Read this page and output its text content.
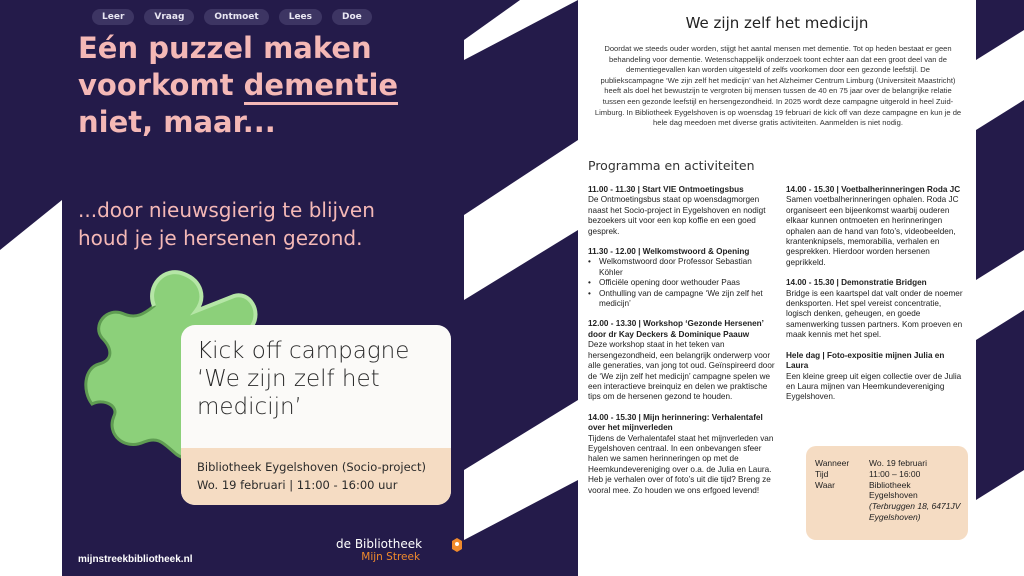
Leer	Vraag	Ontmoet	Lees	Doe
Eén puzzel maken voorkomt dementie niet, maar...
...door nieuwsgierig te blijven houd je je hersenen gezond.
Kick off campagne ‘We zijn zelf het medicijn’
Bibliotheek Eygelshoven (Socio-project)
Wo. 19 februari | 11:00 - 16:00 uur
mijnstreekbibliotheek.nl
de Bibliotheek
Mijn Streek
We zijn zelf het medicijn
Doordat we steeds ouder worden, stijgt het aantal mensen met dementie. Tot op heden bestaat er geen behandeling voor dementie. Wetenschappelijk onderzoek toont echter aan dat een groot deel van de dementiegevallen kan worden uitgesteld of zelfs voorkomen door een gezonde leefstijl. De publiekscampagne ‘We zijn zelf het medicijn’ van het Alzheimer Centrum Limburg (Universiteit Maastricht) heeft als doel het bewustzijn te vergroten bij mensen tussen de 40 en 75 jaar over de belangrijke relatie tussen een gezonde leefstijl en hersengezondheid. In 2025 wordt deze campagne uitgerold in heel Zuid-Limburg. In Bibliotheek Eygelshoven is op woensdag 19 februari de kick off van deze campagne en kun je de hele dag meedoen met diverse gratis activiteiten. Aanmelden is niet nodig.
Programma en activiteiten
11.00 - 11.30 | Start VIE Ontmoetingsbus
De Ontmoetingsbus staat op woensdagmorgen naast het Socio-project in Eygelshoven en nodigt bezoekers uit voor een kop koffie en een goed gesprek.
11.30 - 12.00 | Welkomstwoord & Opening
• Welkomstwoord door Professor Sebastian Köhler
• Officiële opening door wethouder Paas
• Onthulling van de campagne ‘We zijn zelf het medicijn’
12.00 - 13.30 | Workshop ‘Gezonde Hersenen’ door dr Kay Deckers & Dominique Paauw
Deze workshop staat in het teken van hersengezondheid, een belangrijk onderwerp voor alle generaties, van jong tot oud. Geïnspireerd door de ‘We zijn zelf het medicijn’ campagne spelen we een interactieve breinquiz en delen we praktische tips om de hersenen gezond te houden.
14.00 - 15.30 | Mijn herinnering: Verhalentafel over het mijnverleden
Tijdens de Verhalentafel staat het mijnverleden van Eygelshoven centraal. In een onbevangen sfeer halen we samen herinneringen op met de Heemkundevereniging over o.a. de Julia en Laura. Heb je verhalen over of foto’s uit die tijd? Breng ze vooral mee. Zo houden we ons erfgoed levend!
14.00 - 15.30 | Voetbalherinneringen Roda JC
Samen voetbalherinneringen ophalen. Roda JC organiseert een bijeenkomst waarbij ouderen elkaar kunnen ontmoeten en herinneringen ophalen aan de hand van foto’s, videobeelden, krantenknipsels, memorabilia, verhalen en gesprekken. Hierdoor worden hersenen geprikkeld.
14.00 - 15.30 | Demonstratie Bridgen
Bridge is een kaartspel dat valt onder de noemer denksporten. Het spel vereist concentratie, logisch denken, geheugen, en goede samenwerking tussen partners. Kom proeven en maak kennis met het spel.
Hele dag | Foto-expositie mijnen Julia en Laura
Een kleine greep uit eigen collectie over de Julia en Laura mijnen van Heemkundevereniging Eygelshoven.
Wanneer	Wo. 19 februari
Tijd	11:00 – 16:00
Waar	Bibliotheek
Eygelshoven
(Terbruggen 18, 6471JV Eygelshoven)
